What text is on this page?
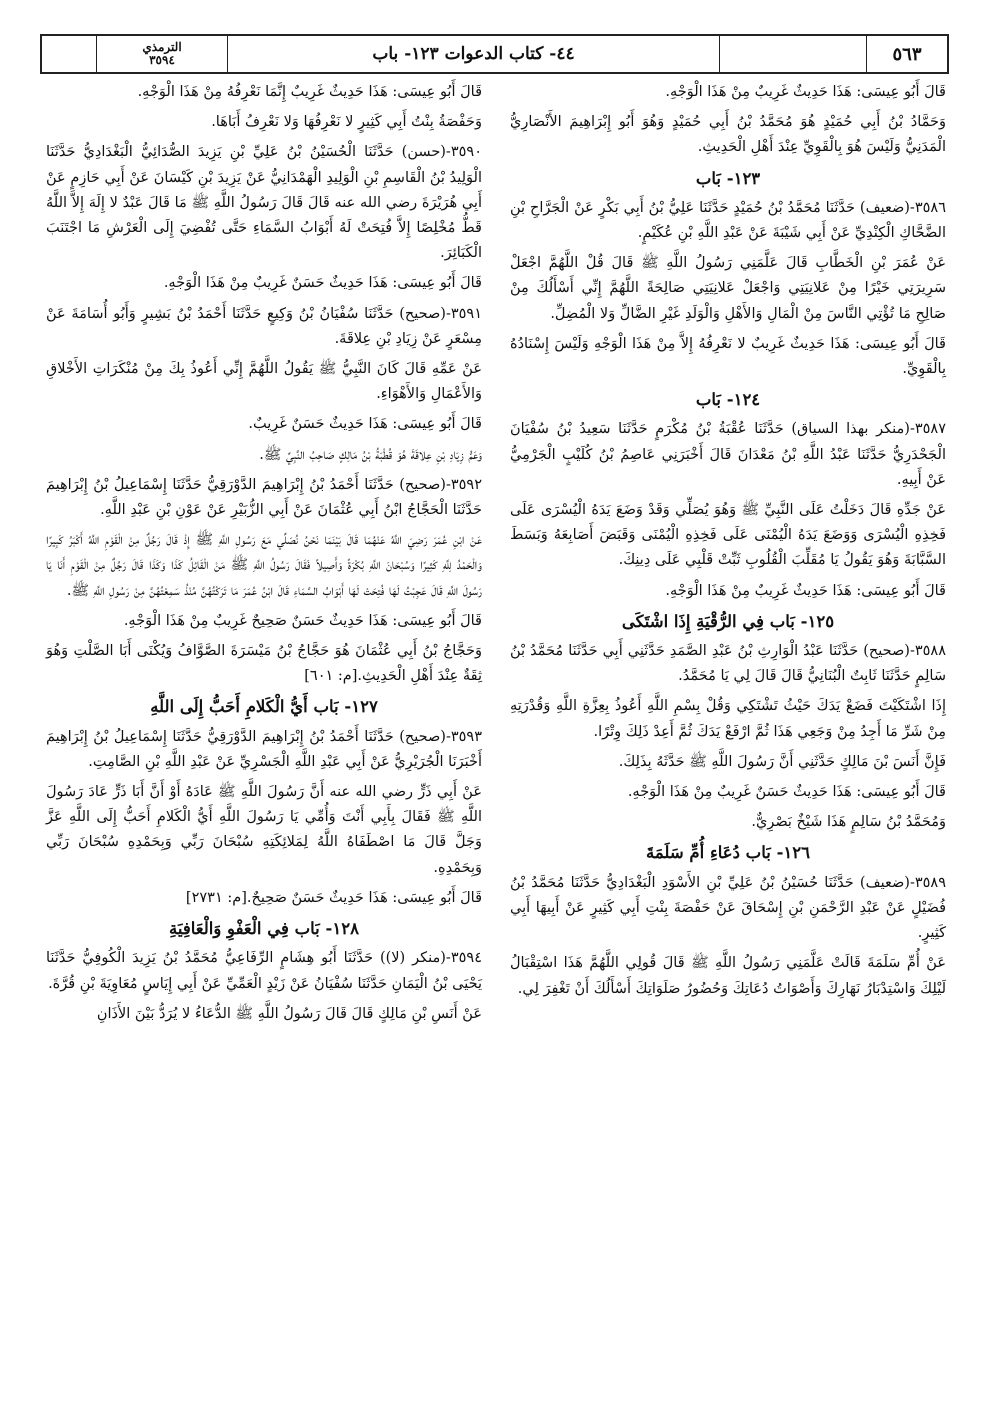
الترمذي
٣٥٩٤	٤٤- كتاب الدعوات ١٢٣- باب	٥٦٣

قَالَ أَبُو عِيسَى: هَذَا حَدِيثٌ غَرِيبٌ مِنْ هَذَا الْوَجْهِ.

وَحَمَّادُ بْنُ أَبِي حُمَيْدٍ هُوَ مُحَمَّدُ بْنُ أَبِي حُمَيْدٍ وَهُوَ أَبُو إِبْرَاهِيمَ الأَنْصَارِيُّ الْمَدَنِيُّ وَلَيْسَ هُوَ بِالْقَوِيِّ عِنْدَ أَهْلِ الْحَدِيثِ.

١٢٣- بَاب

٣٥٨٦-(ضعيف) حَدَّثَنَا مُحَمَّدُ بْنُ حُمَيْدٍ حَدَّثَنَا عَلِيُّ بْنُ أَبِي بَكْرٍ عَنْ الْجَرَّاحِ بْنِ الضَّحَّاكِ الْكِنْدِيِّ عَنْ أَبِي شَيْبَةَ عَنْ عَبْدِ اللَّهِ بْنِ عُكَيْمٍ.

عَنْ عُمَرَ بْنِ الْخَطَّابِ قَالَ عَلَّمَنِي رَسُولُ اللَّهِ ﷺ قَالَ قُلْ اللَّهُمَّ اجْعَلْ سَرِيرَتِي خَيْرًا مِنْ عَلانِيَتِي وَاجْعَلْ عَلانِيَتِي صَالِحَةً اللَّهُمَّ إِنِّي أَسْأَلُكَ مِنْ صَالِحِ مَا تُؤْتِي النَّاسَ مِنْ الْمَالِ وَالأَهْلِ وَالْوَلَدِ غَيْرِ الضَّالِّ وَلا الْمُضِلِّ.

قَالَ أَبُو عِيسَى: هَذَا حَدِيثٌ غَرِيبٌ لا نَعْرِفُهُ إِلاَّ مِنْ هَذَا الْوَجْهِ وَلَيْسَ إِسْنَادُهُ بِالْقَوِيِّ.

١٢٤- بَاب

٣٥٨٧-(منكر بهذا السياق) حَدَّثَنَا عُقْبَةُ بْنُ مُكْرَمٍ حَدَّثَنَا سَعِيدُ بْنُ سُفْيَانَ الْجَحْدَرِيُّ حَدَّثَنَا عَبْدُ اللَّهِ بْنُ مَعْدَانَ قَالَ أَخْبَرَنِي عَاصِمُ بْنُ كُلَيْبٍ الْجَرْمِيُّ عَنْ أَبِيهِ.

عَنْ جَدِّهِ قَالَ دَخَلْتُ عَلَى النَّبِيِّ ﷺ وَهُوَ يُصَلِّي وَقَدْ وَضَعَ يَدَهُ الْيُسْرَى عَلَى فَخِذِهِ الْيُسْرَى وَوَضَعَ يَدَهُ الْيُمْنَى عَلَى فَخِذِهِ الْيُمْنَى وَقَبَضَ أَصَابِعَهُ وَبَسَطَ السَّبَّابَةَ وَهُوَ يَقُولُ يَا مُقَلِّبَ الْقُلُوبِ ثَبِّتْ قَلْبِي عَلَى دِينِكَ.

قَالَ أَبُو عِيسَى: هَذَا حَدِيثٌ غَرِيبٌ مِنْ هَذَا الْوَجْهِ.

١٢٥- بَاب فِي الرُّقْيَةِ إِذَا اشْتَكَى

٣٥٨٨-(صحيح) حَدَّثَنَا عَبْدُ الْوَارِثِ بْنُ عَبْدِ الصَّمَدِ حَدَّثَنِي أَبِي حَدَّثَنَا مُحَمَّدُ بْنُ سَالِمٍ حَدَّثَنَا ثَابِتٌ الْبُنَانِيُّ قَالَ قَالَ لِي يَا مُحَمَّدُ.

إِذَا اشْتَكَيْتَ فَضَعْ يَدَكَ حَيْثُ تَشْتَكِي وَقُلْ بِسْمِ اللَّهِ أَعُوذُ بِعِزَّةِ اللَّهِ وَقُدْرَتِهِ مِنْ شَرِّ مَا أَجِدُ مِنْ وَجَعِي هَذَا ثُمَّ ارْفَعْ يَدَكَ ثُمَّ أَعِدْ ذَلِكَ وِتْرًا.

فَإِنَّ أَنَسَ بْنَ مَالِكٍ حَدَّثَنِي أَنَّ رَسُولَ اللَّهِ ﷺ حَدَّثَهُ بِذَلِكَ.

قَالَ أَبُو عِيسَى: هَذَا حَدِيثٌ حَسَنٌ غَرِيبٌ مِنْ هَذَا الْوَجْهِ.

وَمُحَمَّدُ بْنُ سَالِمٍ هَذَا شَيْخٌ بَصْرِيٌّ.

١٢٦- بَاب دُعَاءِ أُمِّ سَلَمَةَ

٣٥٨٩-(ضعيف) حَدَّثَنَا حُسَيْنُ بْنُ عَلِيِّ بْنِ الأَسْوَدِ الْبَغْدَادِيُّ حَدَّثَنَا مُحَمَّدُ بْنُ فُضَيْلٍ عَنْ عَبْدِ الرَّحْمَنِ بْنِ إِسْحَاقَ عَنْ حَفْصَةَ بِنْتِ أَبِي كَثِيرٍ عَنْ أَبِيهَا أَبِي كَثِيرٍ.

عَنْ أُمِّ سَلَمَةَ قَالَتْ عَلَّمَنِي رَسُولُ اللَّهِ ﷺ قَالَ قُولِي اللَّهُمَّ هَذَا اسْتِقْبَالُ لَيْلِكَ وَاسْتِدْبَارُ نَهَارِكَ وَأَصْوَاتُ دُعَاتِكَ وَحُضُورُ صَلَوَاتِكَ أَسْأَلُكَ أَنْ تَغْفِرَ لِي.

قَالَ أَبُو عِيسَى: هَذَا حَدِيثٌ غَرِيبٌ إِنَّمَا نَعْرِفُهُ مِنْ هَذَا الْوَجْهِ.

وَحَفْصَةُ بِنْتُ أَبِي كَثِيرٍ لا نَعْرِفُهَا وَلا نَعْرِفُ أَبَاهَا.

٣٥٩٠-(حسن) حَدَّثَنَا الْحُسَيْنُ بْنُ عَلِيِّ بْنِ يَزِيدَ الصُّدَائِيُّ الْبَغْدَادِيُّ حَدَّثَنَا الْوَلِيدُ بْنُ الْقَاسِمِ بْنِ الْوَلِيدِ الْهَمْدَانِيُّ عَنْ يَزِيدَ بْنِ كَيْسَانَ عَنْ أَبِي حَازِمٍ عَنْ أَبِي هُرَيْرَةَ رضي الله عنه قَالَ قَالَ رَسُولُ اللَّهِ ﷺ مَا قَالَ عَبْدٌ لا إِلَهَ إِلاَّ اللَّهُ قَطُّ مُخْلِصًا إِلاَّ فُتِحَتْ لَهُ أَبْوَابُ السَّمَاءِ حَتَّى تُفْضِيَ إِلَى الْعَرْشِ مَا اجْتَنَبَ الْكَبَائِرَ.

قَالَ أَبُو عِيسَى: هَذَا حَدِيثٌ حَسَنٌ غَرِيبٌ مِنْ هَذَا الْوَجْهِ.

٣٥٩١-(صحيح) حَدَّثَنَا سُفْيَانُ بْنُ وَكِيعٍ حَدَّثَنَا أَحْمَدُ بْنُ بَشِيرٍ وَأَبُو أُسَامَةَ عَنْ مِسْعَرٍ عَنْ زِيَادِ بْنِ عِلاقَةَ.

عَنْ عَمِّهِ قَالَ كَانَ النَّبِيُّ ﷺ يَقُولُ اللَّهُمَّ إِنِّي أَعُوذُ بِكَ مِنْ مُنْكَرَاتِ الأَخْلاقِ وَالأَعْمَالِ وَالأَهْوَاءِ.

قَالَ أَبُو عِيسَى: هَذَا حَدِيثٌ حَسَنٌ غَرِيبٌ.

وَعَمُّ زِيَادِ بْنِ عِلاقَةَ هُوَ قُطْبَةُ بْنُ مَالِكٍ صَاحِبُ النَّبِيِّ ﷺ.

٣٥٩٢-(صحيح) حَدَّثَنَا أَحْمَدُ بْنُ إِبْرَاهِيمَ الدَّوْرَقِيُّ حَدَّثَنَا إِسْمَاعِيلُ بْنُ إِبْرَاهِيمَ حَدَّثَنَا الْحَجَّاجُ ابْنُ أَبِي عُثْمَانَ عَنْ أَبِي الزُّبَيْرِ عَنْ عَوْنِ بْنِ عَبْدِ اللَّهِ.

عَنْ ابْنِ عُمَرَ رَضِيَ اللَّهُ عَنْهُمَا قَالَ بَيْنَمَا نَحْنُ نُصَلِّي مَعَ رَسُولِ اللَّهِ ﷺ إِذْ قَالَ رَجُلٌ مِنْ الْقَوْمِ اللَّهُ أَكْبَرُ كَبِيرًا وَالْحَمْدُ لِلَّهِ كَثِيرًا وَسُبْحَانَ اللَّهِ بُكْرَةً وَأَصِيلاً فَقَالَ رَسُولُ اللَّهِ ﷺ مَنْ الْقَائِلُ كَذَا وَكَذَا قَالَ رَجُلٌ مِنْ الْقَوْمِ أَنَا يَا رَسُولَ اللَّهِ قَالَ عَجِبْتُ لَهَا فُتِحَتْ لَهَا أَبْوَابُ السَّمَاءِ قَالَ ابْنُ عُمَرَ مَا تَرَكْتُهُنَّ مُنْذُ سَمِعْتُهُنَّ مِنْ رَسُولِ اللَّهِ ﷺ.

قَالَ أَبُو عِيسَى: هَذَا حَدِيثٌ حَسَنٌ صَحِيحٌ غَرِيبٌ مِنْ هَذَا الْوَجْهِ.

وَحَجَّاجُ بْنُ أَبِي عُثْمَانَ هُوَ حَجَّاجُ بْنُ مَيْسَرَةَ الصَّوَّافُ وَيُكْنَى أَبَا الصَّلْتِ وَهُوَ ثِقَةٌ عِنْدَ أَهْلِ الْحَدِيثِ.[م: ٦٠١]

١٢٧- بَاب أَيُّ الْكَلامِ أَحَبُّ إِلَى اللَّهِ

٣٥٩٣-(صحيح) حَدَّثَنَا أَحْمَدُ بْنُ إِبْرَاهِيمَ الدَّوْرَقِيُّ حَدَّثَنَا إِسْمَاعِيلُ بْنُ إِبْرَاهِيمَ أَخْبَرَنَا الْجُرَيْرِيُّ عَنْ أَبِي عَبْدِ اللَّهِ الْجَسْرِيِّ عَنْ عَبْدِ اللَّهِ بْنِ الصَّامِتِ.

عَنْ أَبِي ذَرٍّ رضي الله عنه أَنَّ رَسُولَ اللَّهِ ﷺ عَادَهُ أَوْ أَنَّ أَبَا ذَرٍّ عَادَ رَسُولَ اللَّهِ ﷺ فَقَالَ بِأَبِي أَنْتَ وَأُمِّي يَا رَسُولَ اللَّهِ أَيُّ الْكَلامِ أَحَبُّ إِلَى اللَّهِ عَزَّ وَجَلَّ قَالَ مَا اصْطَفَاهُ اللَّهُ لِمَلائِكَتِهِ سُبْحَانَ رَبِّي وَبِحَمْدِهِ سُبْحَانَ رَبِّي وَبِحَمْدِهِ.

قَالَ أَبُو عِيسَى: هَذَا حَدِيثٌ حَسَنٌ صَحِيحٌ.[م: ٢٧٣١]

١٢٨- بَاب فِي الْعَفْوِ وَالْعَافِيَةِ

٣٥٩٤-(منكر (لا)) حَدَّثَنَا أَبُو هِشَامٍ الرِّفَاعِيُّ مُحَمَّدُ بْنُ يَزِيدَ الْكُوفِيُّ حَدَّثَنَا يَحْيَى بْنُ الْيَمَانِ حَدَّثَنَا سُفْيَانُ عَنْ زَيْدٍ الْعَمِّيِّ عَنْ أَبِي إِيَاسٍ مُعَاوِيَةَ بْنِ قُرَّةَ.

عَنْ أَنَسِ بْنِ مَالِكٍ قَالَ قَالَ رَسُولُ اللَّهِ ﷺ الدُّعَاءُ لا يُرَدُّ بَيْنَ الأَذَانِ
